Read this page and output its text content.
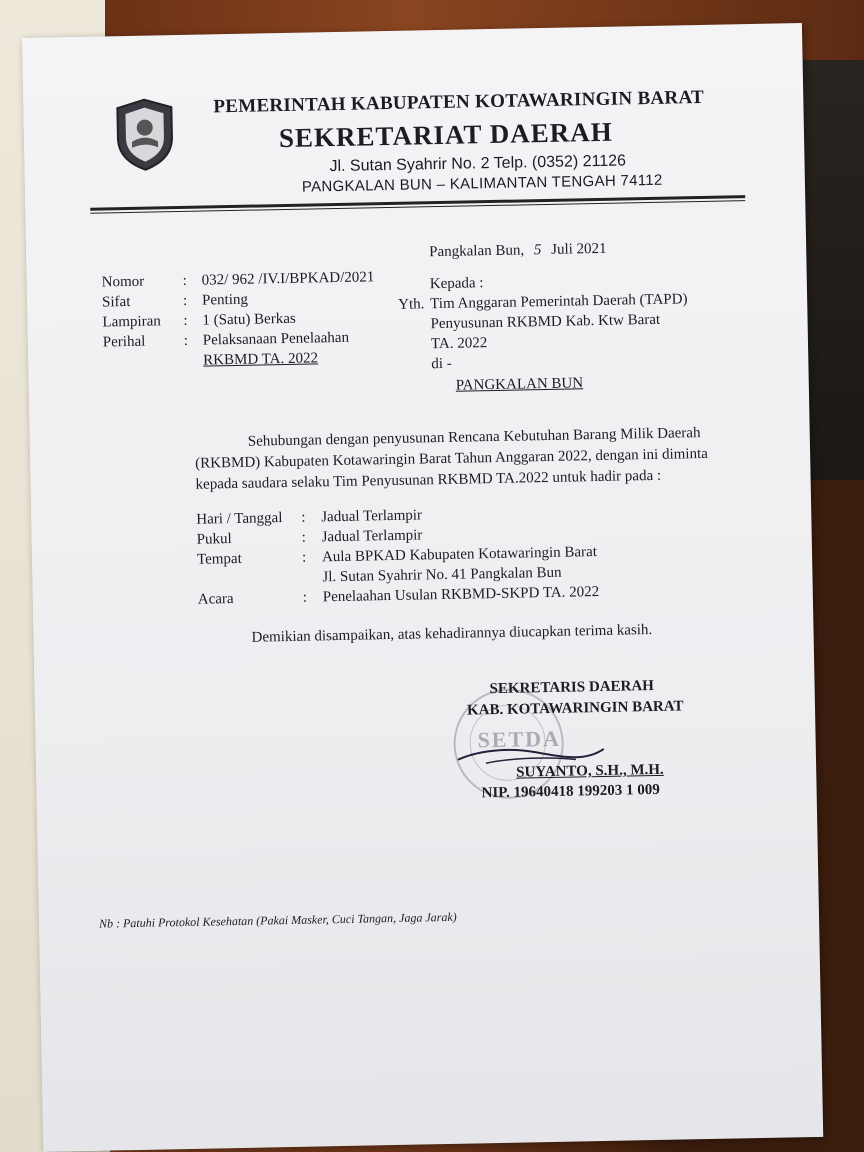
PEMERINTAH KABUPATEN KOTAWARINGIN BARAT
SEKRETARIAT DAERAH
Jl. Sutan Syahrir No. 2 Telp. (0352) 21126
PANGKALAN BUN – KALIMANTAN TENGAH 74112
Pangkalan Bun, 5 Juli 2021
Nomor	: 032/ 962 /IV.I/BPKAD/2021
Sifat	: Penting
Lampiran : 1 (Satu) Berkas
Perihal	: Pelaksanaan Penelaahan
RKBMD TA. 2022
Kepada :
Yth. Tim Anggaran Pemerintah Daerah (TAPD)
Penyusunan RKBMD Kab. Ktw Barat
TA. 2022
di -
PANGKALAN BUN
Sehubungan dengan penyusunan Rencana Kebutuhan Barang Milik Daerah
(RKBMD) Kabupaten Kotawaringin Barat Tahun Anggaran 2022, dengan ini diminta
kepada saudara selaku Tim Penyusunan RKBMD TA.2022 untuk hadir pada :
Hari / Tanggal : Jadual Terlampir
Pukul	: Jadual Terlampir
Tempat	: Aula BPKAD Kabupaten Kotawaringin Barat
Jl. Sutan Syahrir No. 41 Pangkalan Bun
Acara	: Penelaahan Usulan RKBMD-SKPD TA. 2022
Demikian disampaikan, atas kehadirannya diucapkan terima kasih.
SETDA
SEKRETARIS DAERAH
KAB. KOTAWARINGIN BARAT
SUYANTO, S.H., M.H.
NIP. 19640418 199203 1 009
Nb : Patuhi Protokol Kesehatan (Pakai Masker, Cuci Tangan, Jaga Jarak)
